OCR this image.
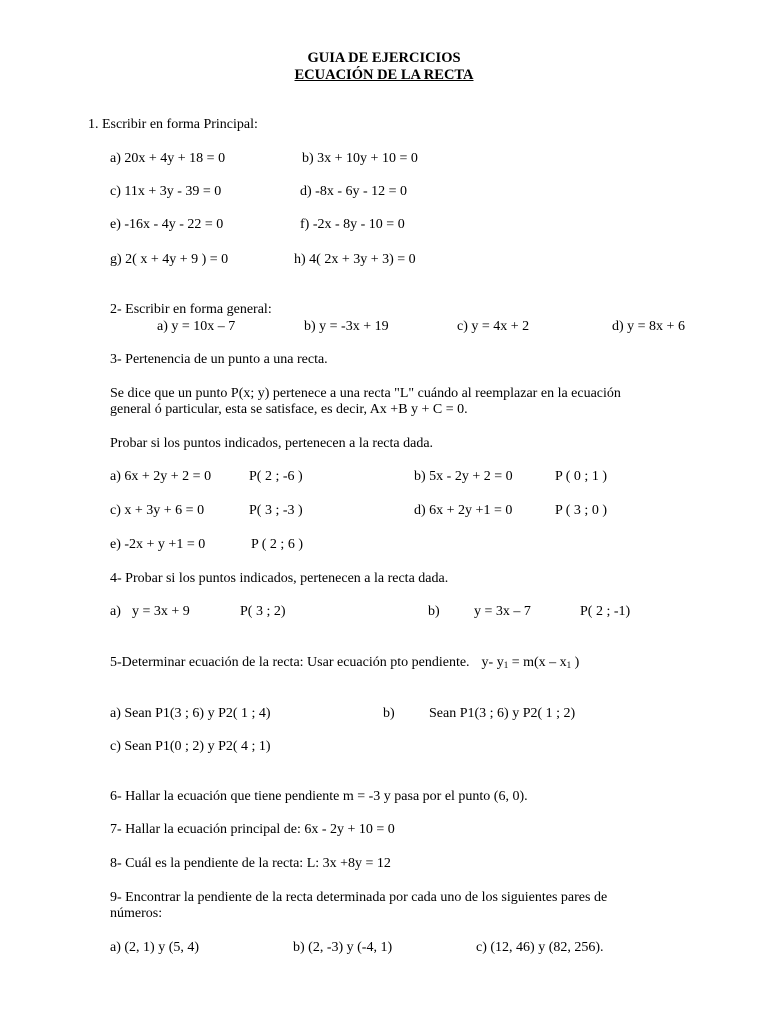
GUIA DE EJERCICIOS
ECUACIÓN DE LA RECTA
1. Escribir en forma Principal:
a) 20x + 4y + 18 = 0	b) 3x + 10y + 10 = 0
c) 11x + 3y - 39 = 0	d) -8x - 6y - 12 = 0
e) -16x - 4y - 22 = 0	f) -2x - 8y - 10 = 0
g) 2( x + 4y + 9 ) = 0	h) 4( 2x + 3y + 3) = 0
2- Escribir en forma general:
a) y = 10x – 7	b) y = -3x + 19	c) y = 4x + 2	d) y = 8x + 6
3- Pertenencia de un punto a una recta.
Se dice que un punto P(x; y) pertenece a una recta "L" cuándo al reemplazar en la ecuación
general ó particular, esta se satisface, es decir, Ax +B y + C = 0.
Probar si los puntos indicados, pertenecen a la recta dada.
a) 6x + 2y + 2 = 0	P( 2 ; -6 )	b) 5x - 2y + 2 = 0	P ( 0 ; 1 )
c) x + 3y + 6 = 0	P( 3 ; -3 )	d) 6x + 2y +1 = 0	P ( 3 ; 0 )
e) -2x + y +1 = 0	P ( 2 ; 6 )
4- Probar si los puntos indicados, pertenecen a la recta dada.
a) y = 3x + 9	P( 3 ; 2)	b) y = 3x – 7	P( 2 ; -1)
5-Determinar ecuación de la recta: Usar ecuación pto pendiente. y- $y_1 = m(x - x_1$ )
a) Sean P1(3 ; 6) y P2( 1 ; 4)	b) Sean P1(3 ; 6) y P2( 1 ; 2)
c) Sean P1(0 ; 2) y P2( 4 ; 1)
6- Hallar la ecuación que tiene pendiente m = -3 y pasa por el punto (6, 0).
7- Hallar la ecuación principal de: 6x - 2y + 10 = 0
8- Cuál es la pendiente de la recta: L: 3x +8y = 12
9- Encontrar la pendiente de la recta determinada por cada uno de los siguientes pares de
números:
a) (2, 1) y (5, 4)	b) (2, -3) y (-4, 1)	c) (12, 46) y (82, 256).
